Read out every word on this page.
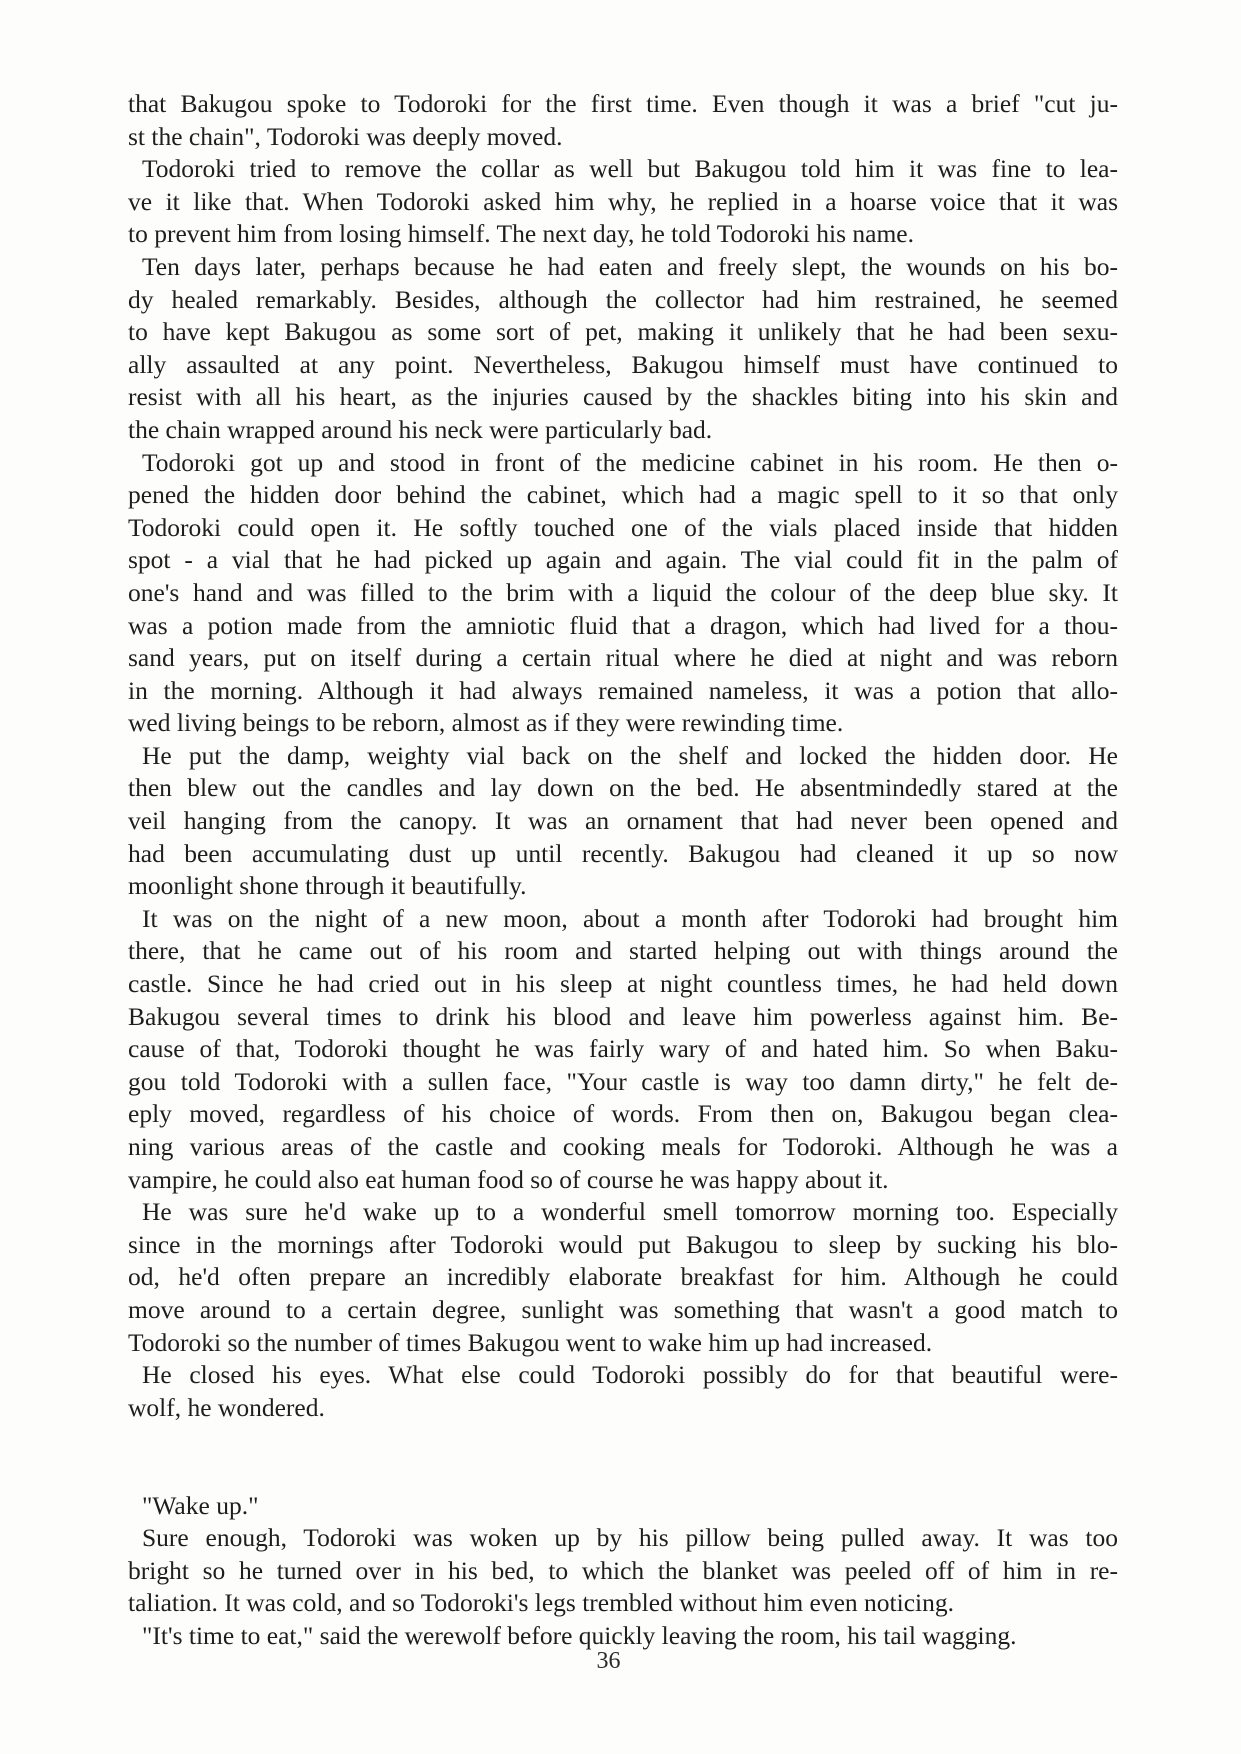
that Bakugou spoke to Todoroki for the first time. Even though it was a brief "cut ju-
st the chain", Todoroki was deeply moved.
Todoroki tried to remove the collar as well but Bakugou told him it was fine to lea-
ve it like that. When Todoroki asked him why, he replied in a hoarse voice that it was
to prevent him from losing himself. The next day, he told Todoroki his name.
Ten days later, perhaps because he had eaten and freely slept, the wounds on his bo-
dy healed remarkably. Besides, although the collector had him restrained, he seemed
to have kept Bakugou as some sort of pet, making it unlikely that he had been sexu-
ally assaulted at any point. Nevertheless, Bakugou himself must have continued to
resist with all his heart, as the injuries caused by the shackles biting into his skin and
the chain wrapped around his neck were particularly bad.
Todoroki got up and stood in front of the medicine cabinet in his room. He then o-
pened the hidden door behind the cabinet, which had a magic spell to it so that only
Todoroki could open it. He softly touched one of the vials placed inside that hidden
spot - a vial that he had picked up again and again. The vial could fit in the palm of
one's hand and was filled to the brim with a liquid the colour of the deep blue sky. It
was a potion made from the amniotic fluid that a dragon, which had lived for a thou-
sand years, put on itself during a certain ritual where he died at night and was reborn
in the morning. Although it had always remained nameless, it was a potion that allo-
wed living beings to be reborn, almost as if they were rewinding time.
He put the damp, weighty vial back on the shelf and locked the hidden door. He
then blew out the candles and lay down on the bed. He absentmindedly stared at the
veil hanging from the canopy. It was an ornament that had never been opened and
had been accumulating dust up until recently. Bakugou had cleaned it up so now
moonlight shone through it beautifully.
It was on the night of a new moon, about a month after Todoroki had brought him
there, that he came out of his room and started helping out with things around the
castle. Since he had cried out in his sleep at night countless times, he had held down
Bakugou several times to drink his blood and leave him powerless against him. Be-
cause of that, Todoroki thought he was fairly wary of and hated him. So when Baku-
gou told Todoroki with a sullen face, "Your castle is way too damn dirty," he felt de-
eply moved, regardless of his choice of words. From then on, Bakugou began clea-
ning various areas of the castle and cooking meals for Todoroki. Although he was a
vampire, he could also eat human food so of course he was happy about it.
He was sure he'd wake up to a wonderful smell tomorrow morning too. Especially
since in the mornings after Todoroki would put Bakugou to sleep by sucking his blo-
od, he'd often prepare an incredibly elaborate breakfast for him. Although he could
move around to a certain degree, sunlight was something that wasn't a good match to
Todoroki so the number of times Bakugou went to wake him up had increased.
He closed his eyes. What else could Todoroki possibly do for that beautiful were-
wolf, he wondered.
"Wake up."
Sure enough, Todoroki was woken up by his pillow being pulled away. It was too
bright so he turned over in his bed, to which the blanket was peeled off of him in re-
taliation. It was cold, and so Todoroki's legs trembled without him even noticing.
"It's time to eat," said the werewolf before quickly leaving the room, his tail wagging.
36
